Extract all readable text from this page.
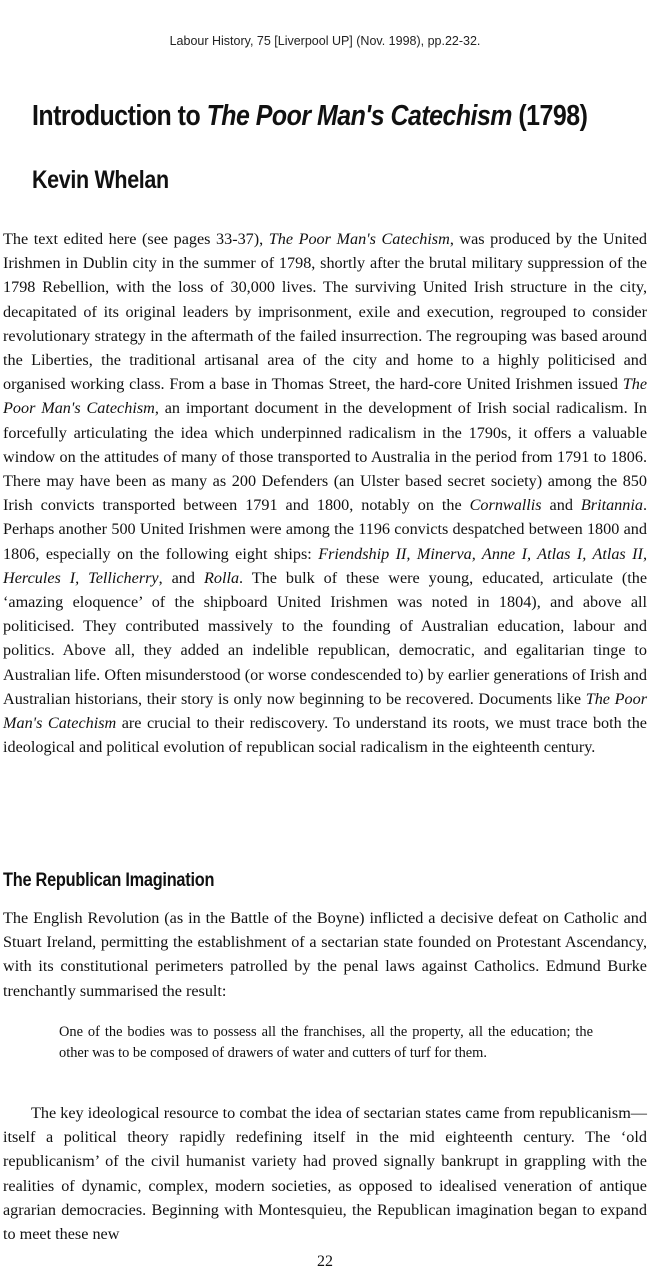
Labour History, 75 [Liverpool UP] (Nov. 1998), pp.22-32.
Introduction to The Poor Man's Catechism (1798)
Kevin Whelan

The text edited here (see pages 33-37), The Poor Man's Catechism, was produced by the United Irishmen in Dublin city in the summer of 1798, shortly after the brutal military suppression of the 1798 Rebellion, with the loss of 30,000 lives. The surviving United Irish structure in the city, decapitated of its original leaders by imprisonment, exile and execution, regrouped to consider revolutionary strategy in the aftermath of the failed insurrection. The regrouping was based around the Liberties, the traditional artisanal area of the city and home to a highly politicised and organised working class. From a base in Thomas Street, the hard-core United Irishmen issued The Poor Man's Catechism, an important document in the development of Irish social radicalism. In forcefully articulating the idea which underpinned radicalism in the 1790s, it offers a valuable window on the attitudes of many of those transported to Australia in the period from 1791 to 1806. There may have been as many as 200 Defenders (an Ulster based secret society) among the 850 Irish convicts transported between 1791 and 1800, notably on the Cornwallis and Britannia. Perhaps another 500 United Irishmen were among the 1196 convicts despatched between 1800 and 1806, especially on the following eight ships: Friendship II, Minerva, Anne I, Atlas I, Atlas II, Hercules I, Tellicherry, and Rolla. The bulk of these were young, educated, articulate (the ‘amazing eloquence’ of the shipboard United Irishmen was noted in 1804), and above all politicised. They contributed massively to the founding of Australian education, labour and politics. Above all, they added an indelible republican, democratic, and egalitarian tinge to Australian life. Often misunderstood (or worse condescended to) by earlier generations of Irish and Australian historians, their story is only now beginning to be recovered. Documents like The Poor Man's Catechism are crucial to their rediscovery. To understand its roots, we must trace both the ideological and political evolution of republican social radicalism in the eighteenth century.

The Republican Imagination

The English Revolution (as in the Battle of the Boyne) inflicted a decisive defeat on Catholic and Stuart Ireland, permitting the establishment of a sectarian state founded on Protestant Ascendancy, with its constitutional perimeters patrolled by the penal laws against Catholics. Edmund Burke trenchantly summarised the result:

One of the bodies was to possess all the franchises, all the property, all the education; the other was to be composed of drawers of water and cutters of turf for them.

The key ideological resource to combat the idea of sectarian states came from republicanism—itself a political theory rapidly redefining itself in the mid eighteenth century. The ‘old republicanism’ of the civil humanist variety had proved signally bankrupt in grappling with the realities of dynamic, complex, modern societies, as opposed to idealised veneration of antique agrarian democracies. Beginning with Montesquieu, the Republican imagination began to expand to meet these new

22
